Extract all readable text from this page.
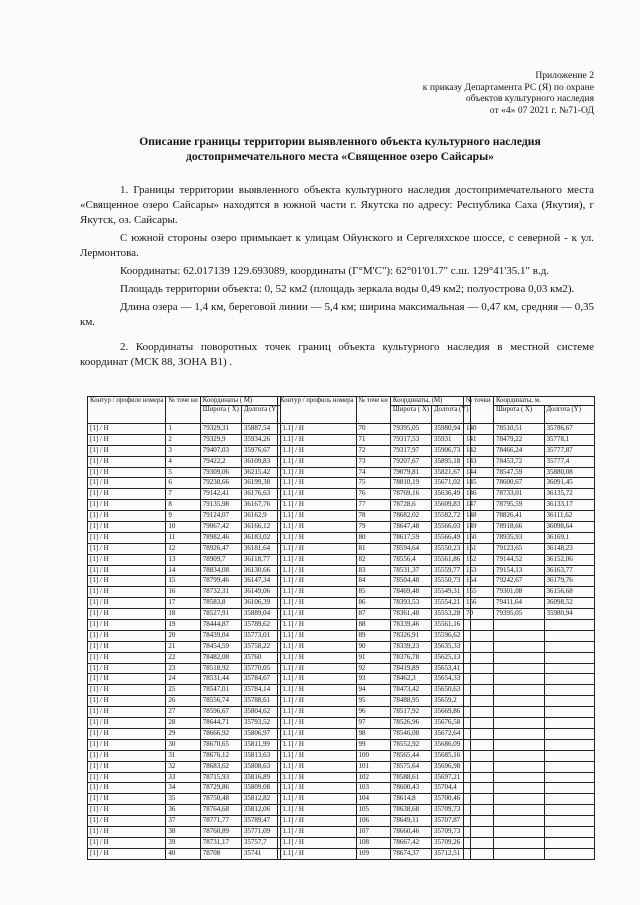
Приложение 2
к приказу Департамента РС (Я) по охране
объектов культурного наследия
от «4» 07 2021 г. №71-ОД
Описание границы территории выявленного объекта культурного наследия
достопримечательного места «Священное озеро Сайсары»

1. Границы территории выявленного объекта культурного наследия достопримечательного места «Священное озеро Сайсары» находятся в южной части г. Якутска по адресу: Республика Саха (Якутия), г Якутск, оз. Сайсары.

С южной стороны озеро примыкает к улицам Ойунского и Сергеляхское шоссе, с северной - к ул. Лермонтова.

Координаты: 62.017139 129.693089, координаты (Г°М'С"): 62°01'01.7" с.ш. 129°41'35.1" в.д.

Площадь территории объекта: 0, 52 км2 (площадь зеркала воды 0,49 км2; полуострова 0,03 км2).

Длина озера — 1,4 км, береговой линии — 5,4 км; ширина максимальная — 0,47 км, средняя — 0,35 км.

2. Координаты поворотных точек границ объекта культурного наследия в местной системе координат (МСК 88, ЗОНА В1) .

Контур / профиле номера	№ точе ки	Координаты ( М)	
		Широта ( X)	Долгота (Y)
[1] / Н	1	79329,31	35887,54
[1] / Н	2	79329,9	35934,26
[1] / Н	3	79407,03	35976,67
[1] / Н	4	79422,2	36109,83
[1] / Н	5	79309,06	36215,42
[1] / Н	6	79238,66	36199,38
[1] / Н	7	79142,41	36176,63
[1] / Н	8	79135,98	36167,76
[1] / Н	9	79124,07	36162,9
[1] / Н	10	79067,42	36166,12
[1] / Н	11	78982,46	36183,02
[1] / Н	12	78926,47	36181,64
[1] / Н	13	78909,7	36118,77
[1] / Н	14	78834,08	36130,66
[1] / Н	15	78799,46	36147,34
[1] / Н	16	78732,31	36149,06
[1] / Н	17	78583,8	36106,39
[1] / Н	18	78527,91	35889,04
[1] / Н	19	78444,87	35789,62
[1] / Н	20	78439,04	35773,01
[1] / Н	21	78454,59	35758,22
[1] / Н	22	78482,08	35760
[1] / Н	23	78518,92	35770,05
[1] / Н	24	78531,44	35784,67
[1] / Н	25	78547,01	35784,14
[1] / Н	26	78556,74	35788,61
[1] / Н	27	78596,67	35804,62
[1] / Н	28	78644,71	35793,52
[1] / Н	29	78666,92	35806,97
[1] / Н	30	78670,65	35811,99
[1] / Н	31	78676,12	35813,63
[1] / Н	32	78683,62	35808,63
[1] / Н	33	78715,93	35816,89
[1] / Н	34	78729,86	35809,08
[1] / Н	35	78750,48	35812,82
[1] / Н	36	78764,68	35812,06
[1] / Н	37	78771,77	35789,47
[1] / Н	38	78760,89	35771,09
[1] / Н	39	78731,17	35757,7
[1] / Н	40	78708	35741
Контур / профиль номера	№ точе ки	Координаты, (М)	
		Широта ( X)	Долгота (Y)
[1.1] / Н	70	79395,05	35980,94
[1.1] / Н	71	79317,53	35931
[1.1] / Н	72	79317,97	35906,73
[1.1] / Н	73	79207,67	35895,18
[1.1] / Н	74	79079,81	35821,67
[1.1] / Н	75	78810,19	35671,02
[1.1] / Н	76	78769,16	35636,49
[1.1] / Н	77	78728,6	35609,83
[1.1] / Н	78	78682,02	35582,72
[1.1] / Н	79	78647,48	35566,03
[1.1] / Н	80	78617,59	35566,49
[1.1] / Н	81	78594,64	35550,23
[1.1] / Н	82	78556,4	35561,86
[1.1] / Н	83	78531,37	35559,77
[1.1] / Н	84	78504,48	35550,73
[1.1] / Н	85	78469,48	35549,31
[1.1] / Н	86	78393,53	35554,21
[1.1] / Н	87	78361,48	35553,28
[1.1] / Н	88	78339,46	35561,16
[1.1] / Н	89	78326,91	35596,62
[1.1] / Н	90	78339,23	35635,33
[1.1] / Н	91	78376,78	35625,13
[1.1] / Н	92	78419,89	35653,41
[1.1] / Н	93	78462,3	35654,33
[1.1] / Н	94	78473,42	35650,63
[1.1] / Н	95	78488,95	35659,2
[1.1] / Н	96	78517,92	35669,86
[1.1] / Н	97	78526,96	35676,58
[1.1] / Н	98	78546,08	35672,64
[1.1] / Н	99	78552,92	35686,09
[1.1] / Н	100	78565,44	35685,16
[1.1] / Н	101	78575,64	35696,98
[1.1] / Н	102	78588,61	35697,21
[1.1] / Н	103	78600,43	35704,4
[1.1] / Н	104	78614,8	35700,46
[1.1] / Н	105	78638,68	35709,73
[1.1] / Н	106	78649,11	35707,87
[1.1] / Н	107	78660,46	35709,73
[1.1] / Н	108	78667,42	35709,26
[1.1] / Н	109	78674,37	35712,51
№ точки	Координаты, м.	
	Широта ( X)	Долгота (Y)
140	78510,51	35786,67
141	78479,22	35778,1
142	78466,24	35777,87
143	78453,72	35777,4
144	78547,59	35880,08
145	78600,67	36091,45
146	78733,01	36135,72
147	78795,59	36133,17
148	78826,41	36111,62
149	78918,66	36098,64
150	78935,93	36169,1
151	79123,65	36148,23
152	79144,52	36152,06
153	79154,13	36163,77
154	79242,67	36179,76
155	79301,08	36156,68
156	79411,64	36098,52
70	79395,05	35980,94
